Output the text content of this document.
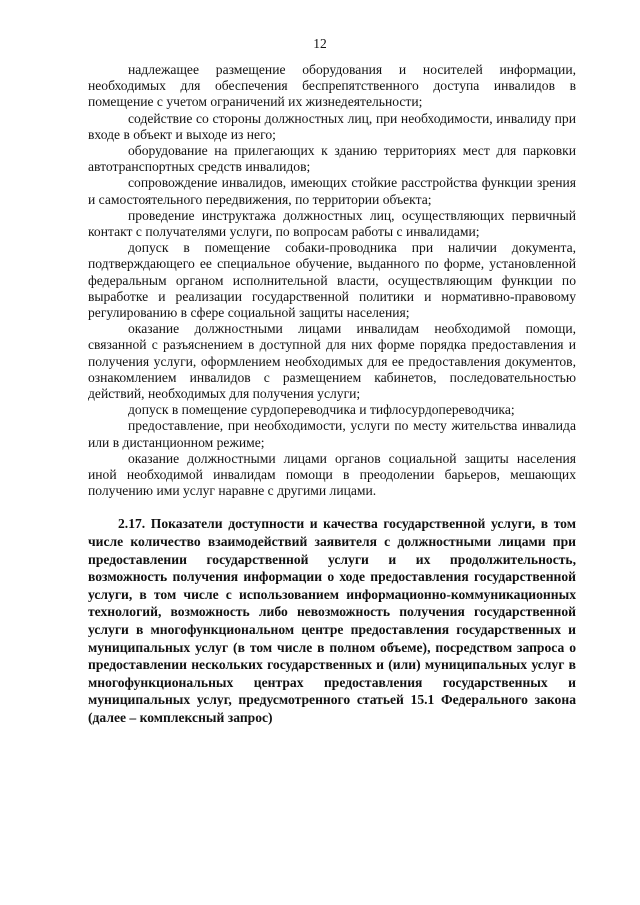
12

надлежащее размещение оборудования и носителей информации, необходимых для обеспечения беспрепятственного доступа инвалидов в помещение с учетом ограничений их жизнедеятельности;

содействие со стороны должностных лиц, при необходимости, инвалиду при входе в объект и выходе из него;

оборудование на прилегающих к зданию территориях мест для парковки автотранспортных средств инвалидов;

сопровождение инвалидов, имеющих стойкие расстройства функции зрения и самостоятельного передвижения, по территории объекта;

проведение инструктажа должностных лиц, осуществляющих первичный контакт с получателями услуги, по вопросам работы с инвалидами;

допуск в помещение собаки-проводника при наличии документа, подтверждающего ее специальное обучение, выданного по форме, установленной федеральным органом исполнительной власти, осуществляющим функции по выработке и реализации государственной политики и нормативно-правовому регулированию в сфере социальной защиты населения;

оказание должностными лицами инвалидам необходимой помощи, связанной с разъяснением в доступной для них форме порядка предоставления и получения услуги, оформлением необходимых для ее предоставления документов, ознакомлением инвалидов с размещением кабинетов, последовательностью действий, необходимых для получения услуги;

допуск в помещение сурдопереводчика и тифлосурдопереводчика;

предоставление, при необходимости, услуги по месту жительства инвалида или в дистанционном режиме;

оказание должностными лицами органов социальной защиты населения иной необходимой инвалидам помощи в преодолении барьеров, мешающих получению ими услуг наравне с другими лицами.

2.17. Показатели доступности и качества государственной услуги, в том числе количество взаимодействий заявителя с должностными лицами при предоставлении государственной услуги и их продолжительность, возможность получения информации о ходе предоставления государственной услуги, в том числе с использованием информационно-коммуникационных технологий, возможность либо невозможность получения государственной услуги в многофункциональном центре предоставления государственных и муниципальных услуг (в том числе в полном объеме), посредством запроса о предоставлении нескольких государственных и (или) муниципальных услуг в многофункциональных центрах предоставления государственных и муниципальных услуг, предусмотренного статьей 15.1 Федерального закона (далее – комплексный запрос)
